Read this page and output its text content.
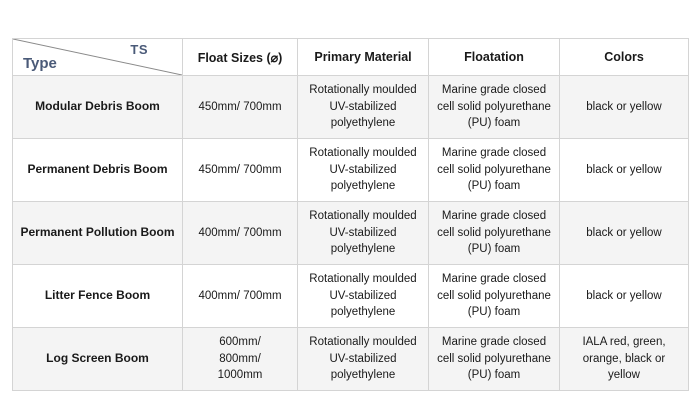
TS
Type	Float Sizes (⌀)	Primary Material	Floatation	Colors
Modular Debris Boom	450mm/ 700mm	Rotationally moulded
UV-stabilized
polyethylene	Marine grade closed
cell solid polyurethane
(PU) foam	black or yellow

Permanent Debris Boom	450mm/ 700mm	Rotationally moulded
UV-stabilized
polyethylene	Marine grade closed
cell solid polyurethane
(PU) foam	black or yellow

Permanent Pollution Boom	400mm/ 700mm	Rotationally moulded
UV-stabilized
polyethylene	Marine grade closed
cell solid polyurethane
(PU) foam	black or yellow

Litter Fence Boom	400mm/ 700mm	Rotationally moulded
UV-stabilized
polyethylene	Marine grade closed
cell solid polyurethane
(PU) foam	black or yellow

Log Screen Boom	600mm/
800mm/
1000mm	Rotationally moulded
UV-stabilized
polyethylene	Marine grade closed
cell solid polyurethane
(PU) foam	IALA red, green,
orange, black or yellow
